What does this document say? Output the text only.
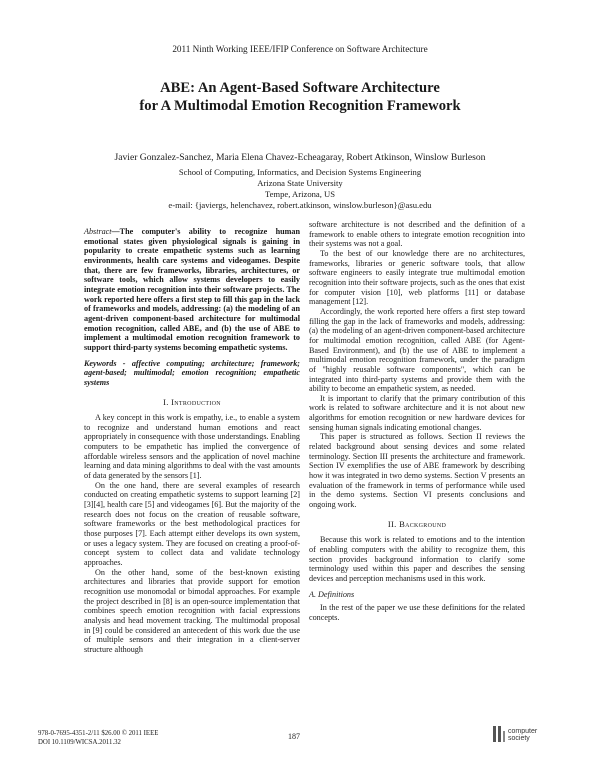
2011 Ninth Working IEEE/IFIP Conference on Software Architecture
ABE: An Agent-Based Software Architecture
for A Multimodal Emotion Recognition Framework
Javier Gonzalez-Sanchez, Maria Elena Chavez-Echeagaray, Robert Atkinson, Winslow Burleson
School of Computing, Informatics, and Decision Systems Engineering
Arizona State University
Tempe, Arizona, US
e-mail: {javiergs, helenchavez, robert.atkinson, winslow.burleson}@asu.edu

Abstract—The computer's ability to recognize human emotional states given physiological signals is gaining in popularity to create empathetic systems such as learning environments, health care systems and videogames. Despite that, there are few frameworks, libraries, architectures, or software tools, which allow systems developers to easily integrate emotion recognition into their software projects. The work reported here offers a first step to fill this gap in the lack of frameworks and models, addressing: (a) the modeling of an agent-driven component-based architecture for multimodal emotion recognition, called ABE, and (b) the use of ABE to implement a multimodal emotion recognition framework to support third-party systems becoming empathetic systems.

Keywords - affective computing; architecture; framework; agent-based; multimodal; emotion recognition; empathetic systems

I. Introduction

A key concept in this work is empathy, i.e., to enable a system to recognize and understand human emotions and react appropriately in consequence with those understandings. Enabling computers to be empathetic has implied the convergence of affordable wireless sensors and the application of novel machine learning and data mining algorithms to deal with the vast amounts of data generated by the sensors [1].

On the one hand, there are several examples of research conducted on creating empathetic systems to support learning [2][3][4], health care [5] and videogames [6]. But the majority of the research does not focus on the creation of reusable software, software frameworks or the best methodological practices for those purposes [7]. Each attempt either develops its own system, or uses a legacy system. They are focused on creating a proof-of-concept system to collect data and validate technology approaches.

On the other hand, some of the best-known existing architectures and libraries that provide support for emotion recognition use monomodal or bimodal approaches. For example the project described in [8] is an open-source implementation that combines speech emotion recognition with facial expressions analysis and head movement tracking. The multimodal proposal in [9] could be considered an antecedent of this work due the use of multiple sensors and their integration in a client-server structure although

software architecture is not described and the definition of a framework to enable others to integrate emotion recognition into their systems was not a goal.

To the best of our knowledge there are no architectures, frameworks, libraries or generic software tools, that allow software engineers to easily integrate true multimodal emotion recognition into their software projects, such as the ones that exist for computer vision [10], web platforms [11] or database management [12].

Accordingly, the work reported here offers a first step toward filling the gap in the lack of frameworks and models, addressing: (a) the modeling of an agent-driven component-based architecture for multimodal emotion recognition, called ABE (for Agent-Based Environment), and (b) the use of ABE to implement a multimodal emotion recognition framework, under the paradigm of "highly reusable software components", which can be integrated into third-party systems and provide them with the ability to become an empathetic system, as needed.

It is important to clarify that the primary contribution of this work is related to software architecture and it is not about new algorithms for emotion recognition or new hardware devices for sensing human signals indicating emotional changes.

This paper is structured as follows. Section II reviews the related background about sensing devices and some related terminology. Section III presents the architecture and framework. Section IV exemplifies the use of ABE framework by describing how it was integrated in two demo systems. Section V presents an evaluation of the framework in terms of performance while used in the demo systems. Section VI presents conclusions and ongoing work.

II. Background

Because this work is related to emotions and to the intention of enabling computers with the ability to recognize them, this section provides background information to clarify some terminology used within this paper and describes the sensing devices and perception mechanisms used in this work.

A. Definitions

In the rest of the paper we use these definitions for the related concepts.

978-0-7695-4351-2/11 $26.00 © 2011 IEEE
DOI 10.1109/WICSA.2011.32
187
computer
society
